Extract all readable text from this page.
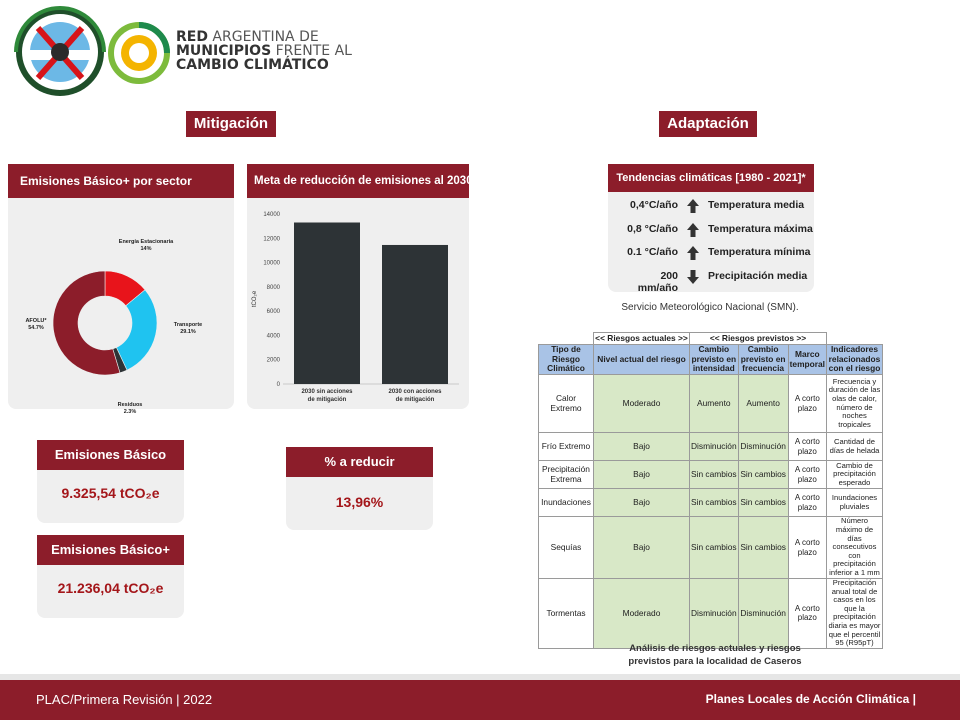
RED ARGENTINA DE
MUNICIPIOS FRENTE AL
CAMBIO CLIMÁTICO
Mitigación	Adaptación
Emisiones Básico+ por sector
Energía Estacionaria
14%
Transporte
29.1%
Residuos
2.3%
AFOLU*
54.7%
Meta de reducción de emisiones al 2030
0
2000
4000
6000
8000
10000
12000
14000
tCO₂e
2030 sin acciones de mitigación
2030 con acciones de mitigación
Emisiones Básico
9.325,54 tCO₂e
Emisiones Básico+
21.236,04 tCO₂e
% a reducir
13,96%
Tendencias climáticas [1980 - 2021]*
0,4°C/año	Temperatura media
0,8 °C/año	Temperatura máxima
0.1 °C/año	Temperatura mínima
200 mm/año
Precipitación media
Servicio Meteorológico Nacional (SMN).
	<< Riesgos actuales >>	<< Riesgos previstos >>			
Tipo de Riesgo Climático	Nivel actual del riesgo	Cambio previsto en intensidad	Cambio previsto en frecuencia	Marco temporal	Indicadores relacionados con el riesgo
Calor Extremo	Moderado	Aumento	Aumento	A corto plazo	Frecuencia y duración de las olas de calor, número de noches tropicales
Frío Extremo	Bajo	Disminución	Disminución	A corto plazo	Cantidad de días de helada
Precipitación Extrema	Bajo	Sin cambios	Sin cambios	A corto plazo	Cambio de precipitación esperado
Inundaciones	Bajo	Sin cambios	Sin cambios	A corto plazo	Inundaciones pluviales
Sequías	Bajo	Sin cambios	Sin cambios	A corto plazo	Número máximo de días consecutivos con precipitación inferior a 1 mm
Tormentas	Moderado	Disminución	Disminución	A corto plazo	Precipitación anual total de casos en los que la precipitación diaria es mayor que el percentil 95 (R95pT)
Análisis de riesgos actuales y riesgos
previstos para la localidad de Caseros
PLAC/Primera Revisión | 2022	Planes Locales de Acción Climática |
